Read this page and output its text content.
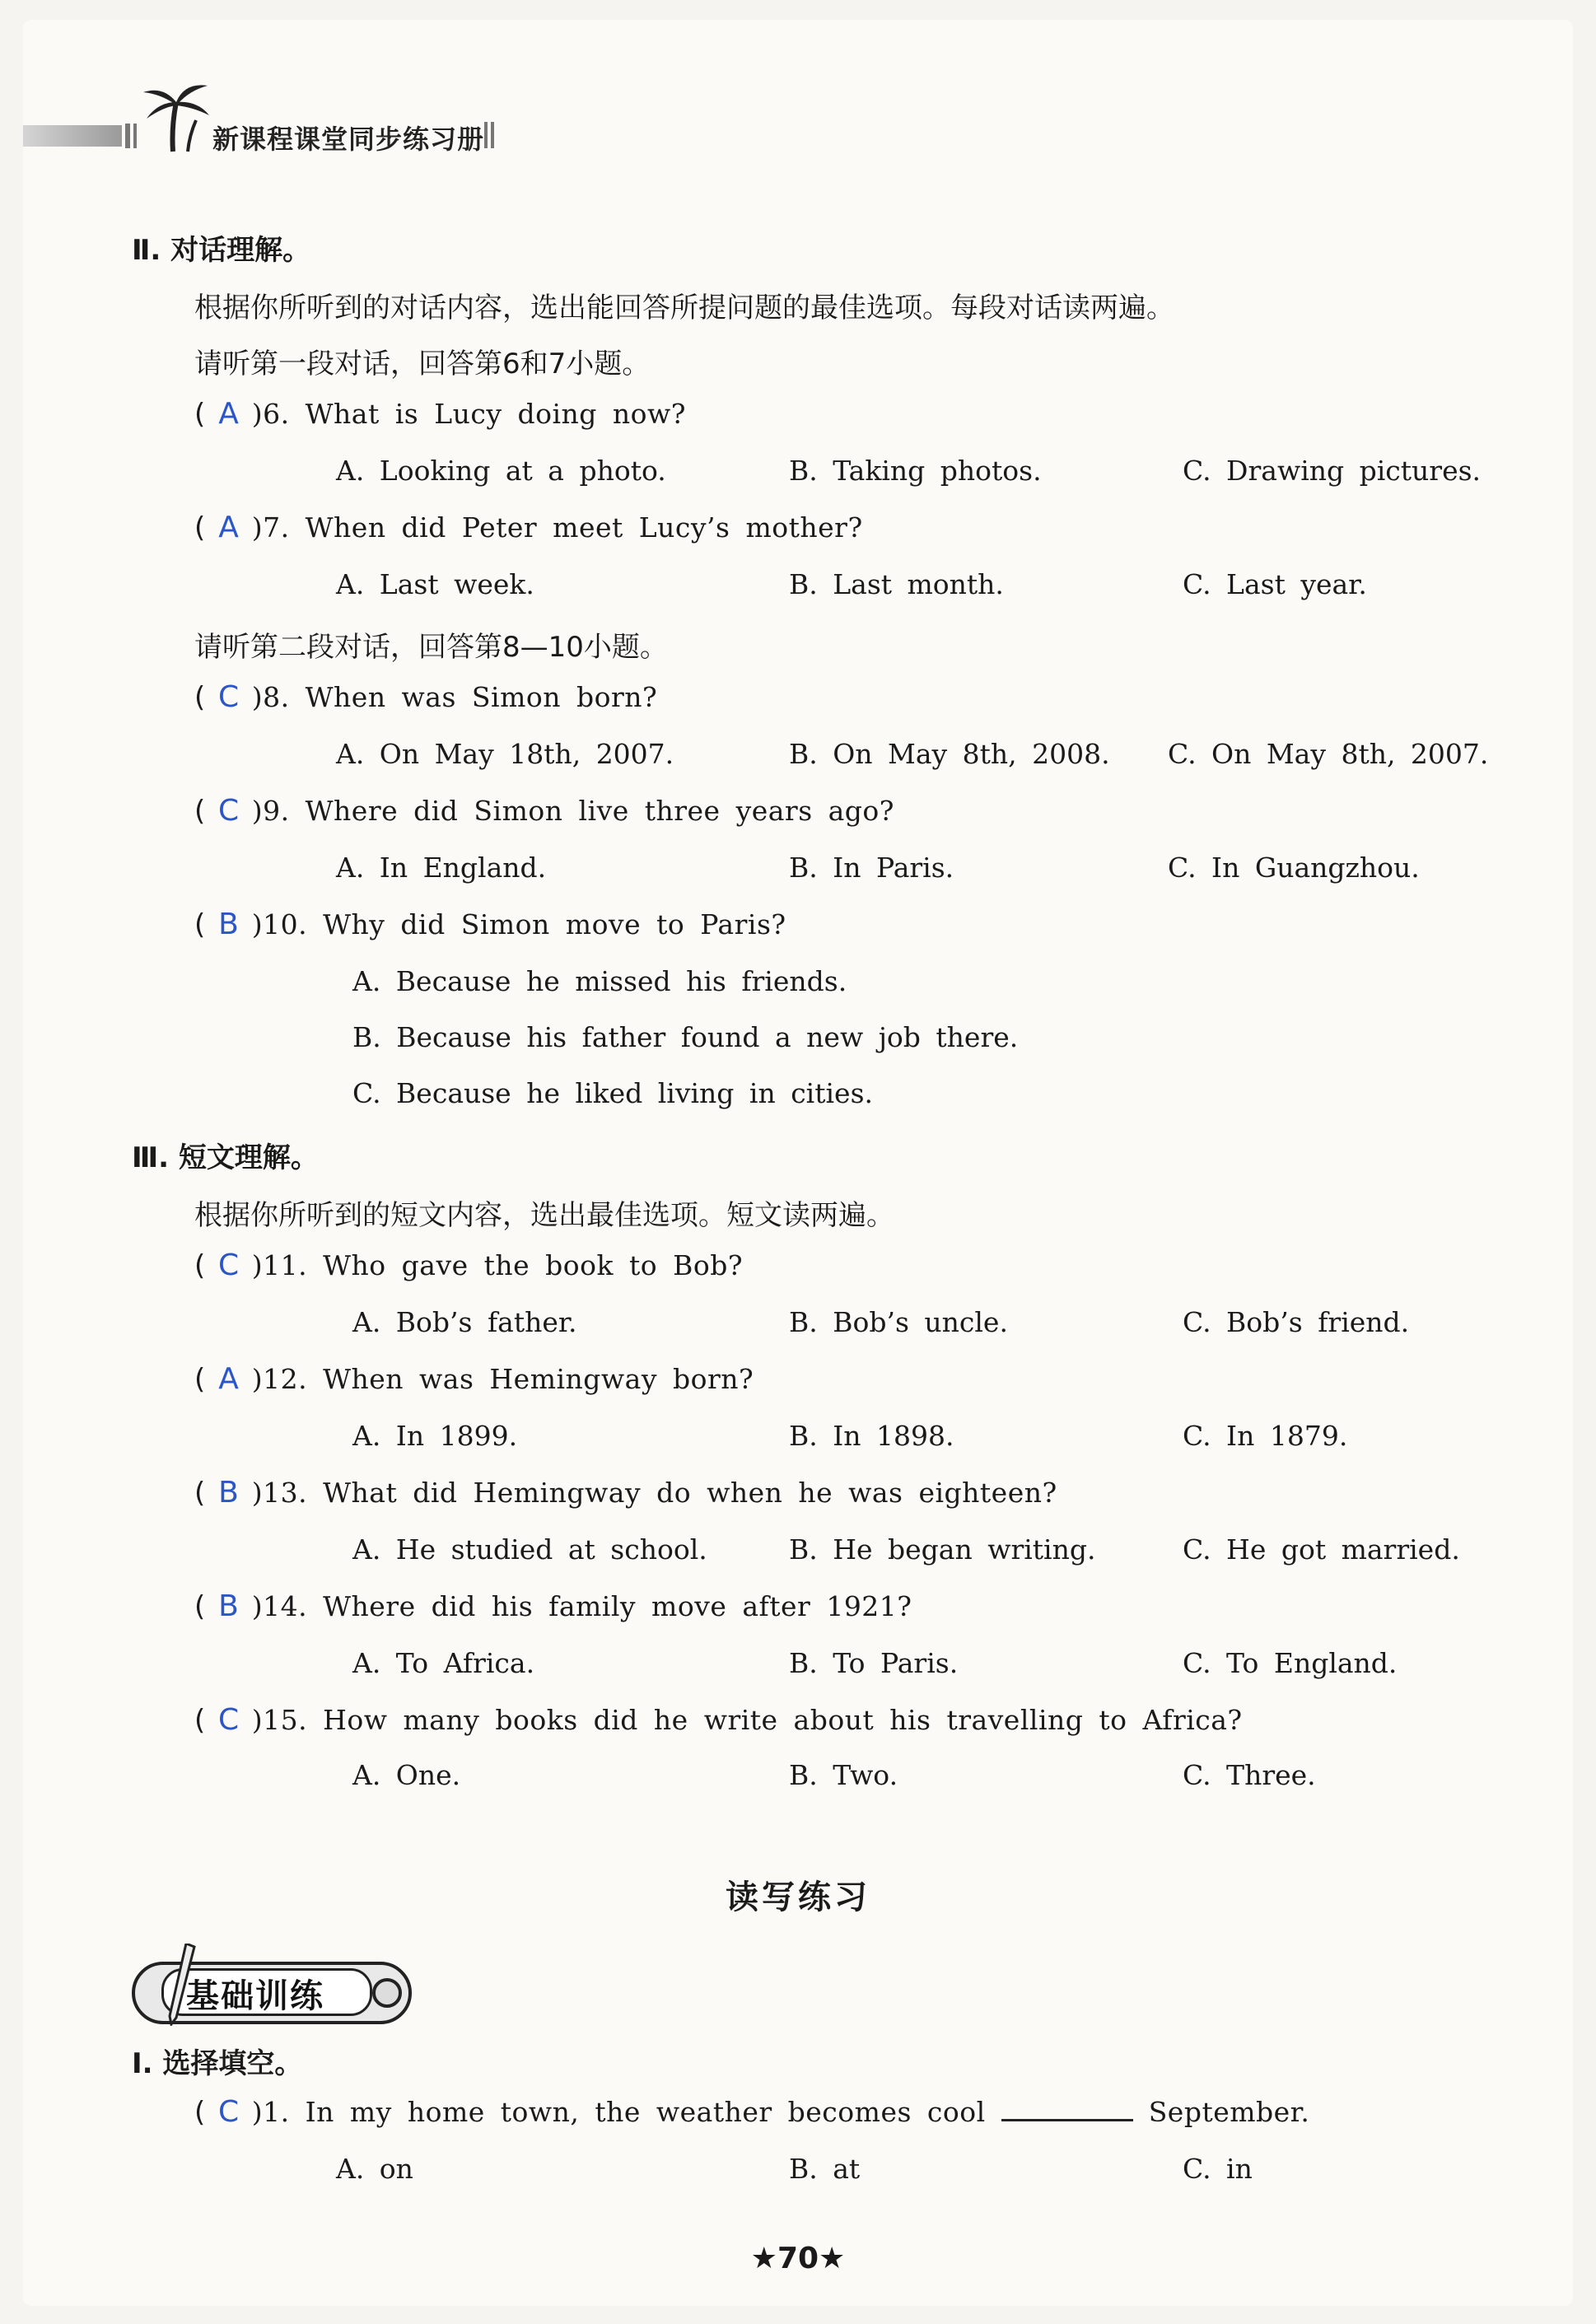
新课程课堂同步练习册
Ⅱ. 对话理解。
根据你所听到的对话内容，选出能回答所提问题的最佳选项。每段对话读两遍。
请听第一段对话，回答第6和7小题。
( A )6. What is Lucy doing now?
A. Looking at a photo.	B. Taking photos.	C. Drawing pictures.
( A )7. When did Peter meet Lucy’s mother?
A. Last week.	B. Last month.	C. Last year.
请听第二段对话，回答第8—10小题。
( C )8. When was Simon born?
A. On May 18th, 2007.	B. On May 8th, 2008. C. On May 8th, 2007.
( C )9. Where did Simon live three years ago?
A. In England.	B. In Paris.	C. In Guangzhou.
( B )10. Why did Simon move to Paris?
A. Because he missed his friends.
B. Because his father found a new job there.
C. Because he liked living in cities.
Ⅲ. 短文理解。
根据你所听到的短文内容，选出最佳选项。短文读两遍。
( C )11. Who gave the book to Bob?
A. Bob’s father.	B. Bob’s uncle.	C. Bob’s friend.
( A )12. When was Hemingway born?
A. In 1899.	B. In 1898.	C. In 1879.
( B )13. What did Hemingway do when he was eighteen?
A. He studied at school.	B. He began writing.	C. He got married.
( B )14. Where did his family move after 1921?
A. To Africa.	B. To Paris.	C. To England.
( C )15. How many books did he write about his travelling to Africa?
A. One.	B. Two.	C. Three.
读写练习
基础训练
Ⅰ. 选择填空。
( C )1. In my home town, the weather becomes cool	September.
A. on	B. at	C. in
★70★
